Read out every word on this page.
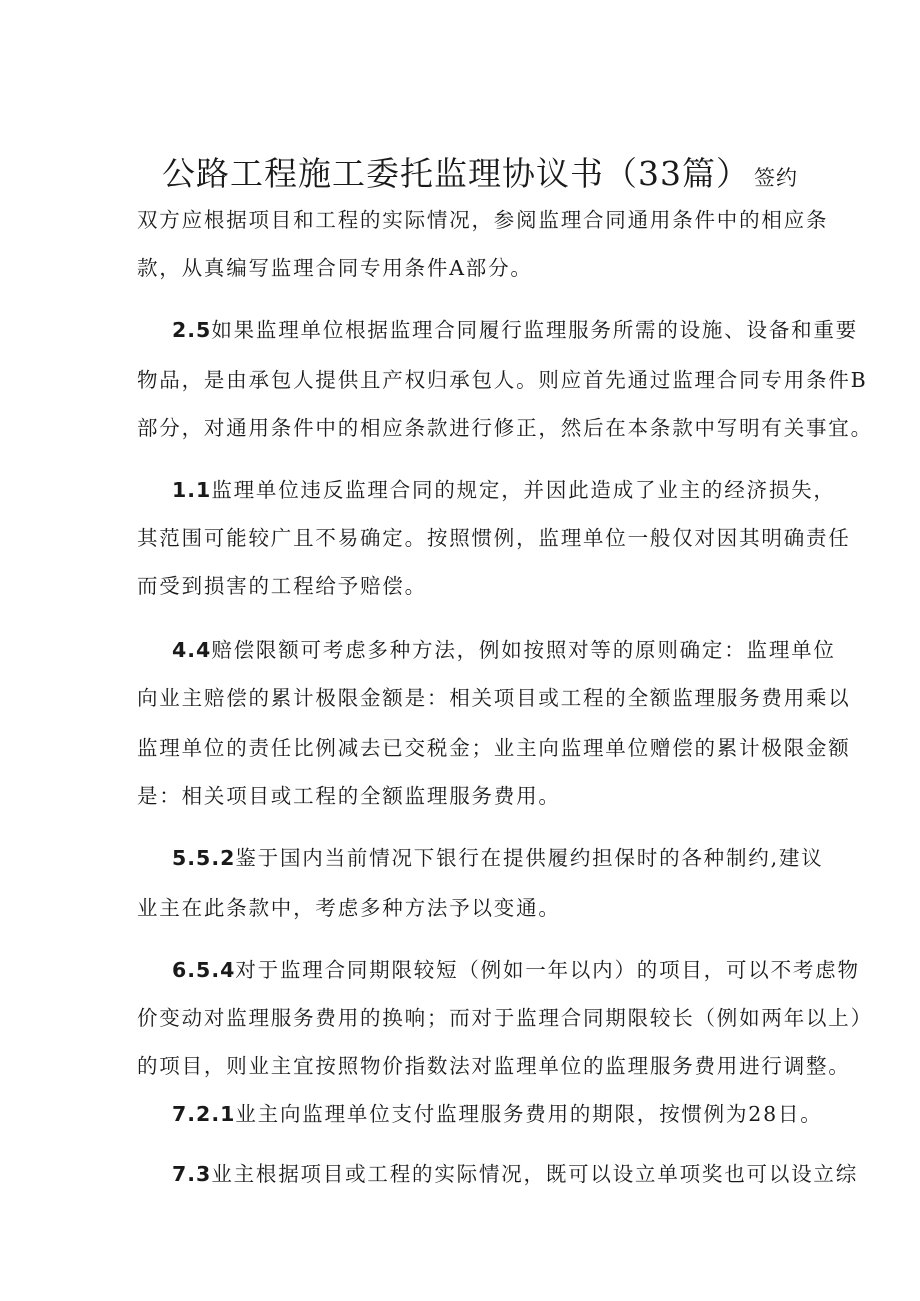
公路工程施工委托监理协议书（33篇） 签约
双方应根据项目和工程的实际情况，参阅监理合同通用条件中的相应条
款，从真编写监理合同专用条件A部分。
2.5如果监理单位根据监理合同履行监理服务所需的设施、设备和重要
物品，是由承包人提供且产权归承包人。则应首先通过监理合同专用条件B
部分，对通用条件中的相应条款进行修正，然后在本条款中写明有关事宜。
1.1监理单位违反监理合同的规定，并因此造成了业主的经济损失，
其范围可能较广且不易确定。按照惯例，监理单位一般仅对因其明确责任
而受到损害的工程给予赔偿。
4.4赔偿限额可考虑多种方法，例如按照对等的原则确定：监理单位
向业主赔偿的累计极限金额是：相关项目或工程的全额监理服务费用乘以
监理单位的责任比例减去已交税金；业主向监理单位赠偿的累计极限金额
是：相关项目或工程的全额监理服务费用。
5.5.2鉴于国内当前情况下银行在提供履约担保时的各种制约,建议
业主在此条款中，考虑多种方法予以变通。
6.5.4对于监理合同期限较短（例如一年以内）的项目，可以不考虑物
价变动对监理服务费用的换响；而对于监理合同期限较长（例如两年以上）
的项目，则业主宜按照物价指数法对监理单位的监理服务费用进行调整。
7.2.1业主向监理单位支付监理服务费用的期限，按惯例为28日。
7.3业主根据项目或工程的实际情况，既可以设立单项奖也可以设立综
